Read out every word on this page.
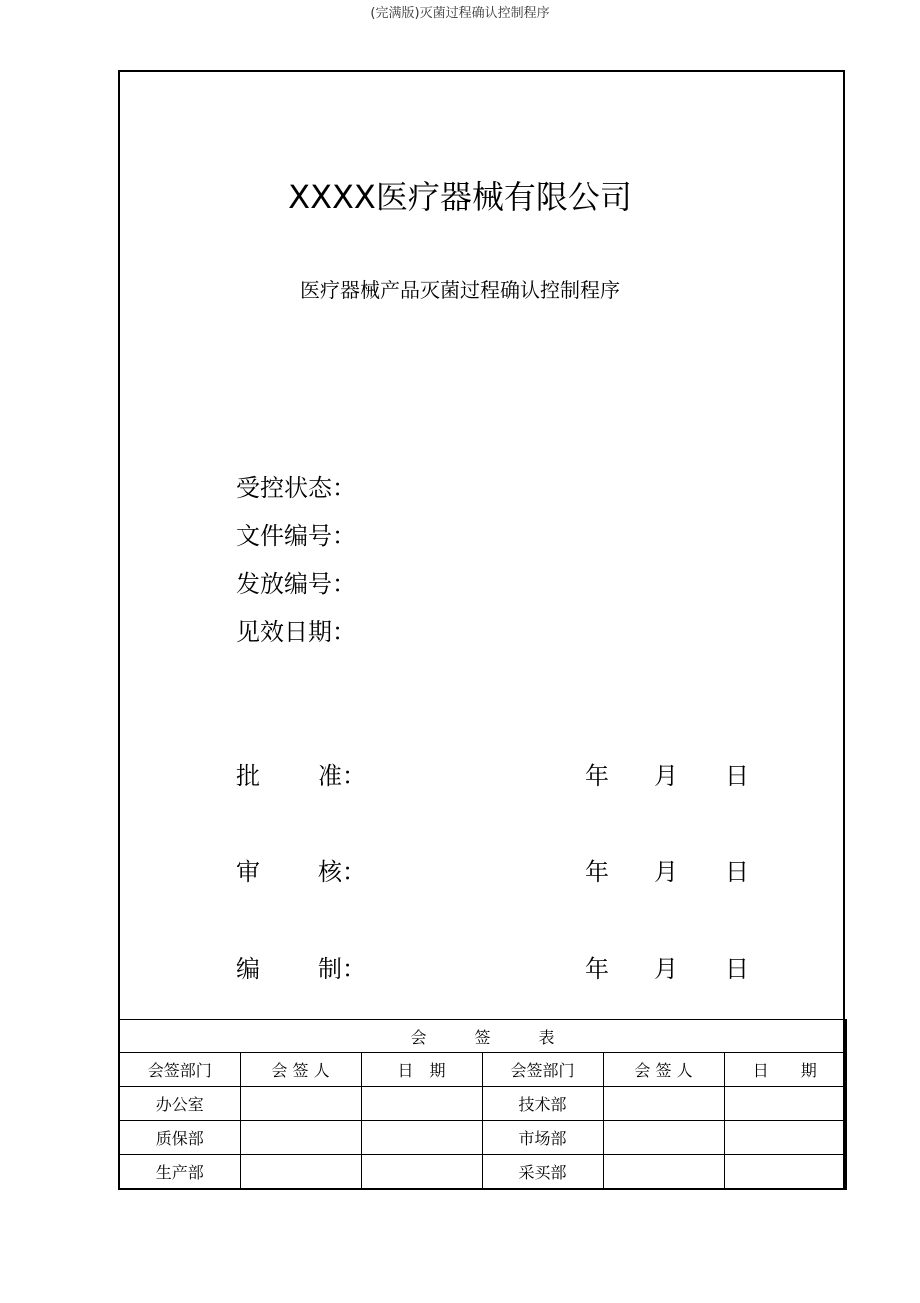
(完满版)灭菌过程确认控制程序
XXXX医疗器械有限公司
医疗器械产品灭菌过程确认控制程序
受控状态：
文件编号：
发放编号：
见效日期：
批 准：	年 月 日
审 核：	年 月 日
编 制：	年 月 日
会　　　签　　　表					
会签部门	会 签 人	日　期	会签部门	会 签 人	日　　期
办公室			技术部		
质保部			市场部		
生产部			采买部		
